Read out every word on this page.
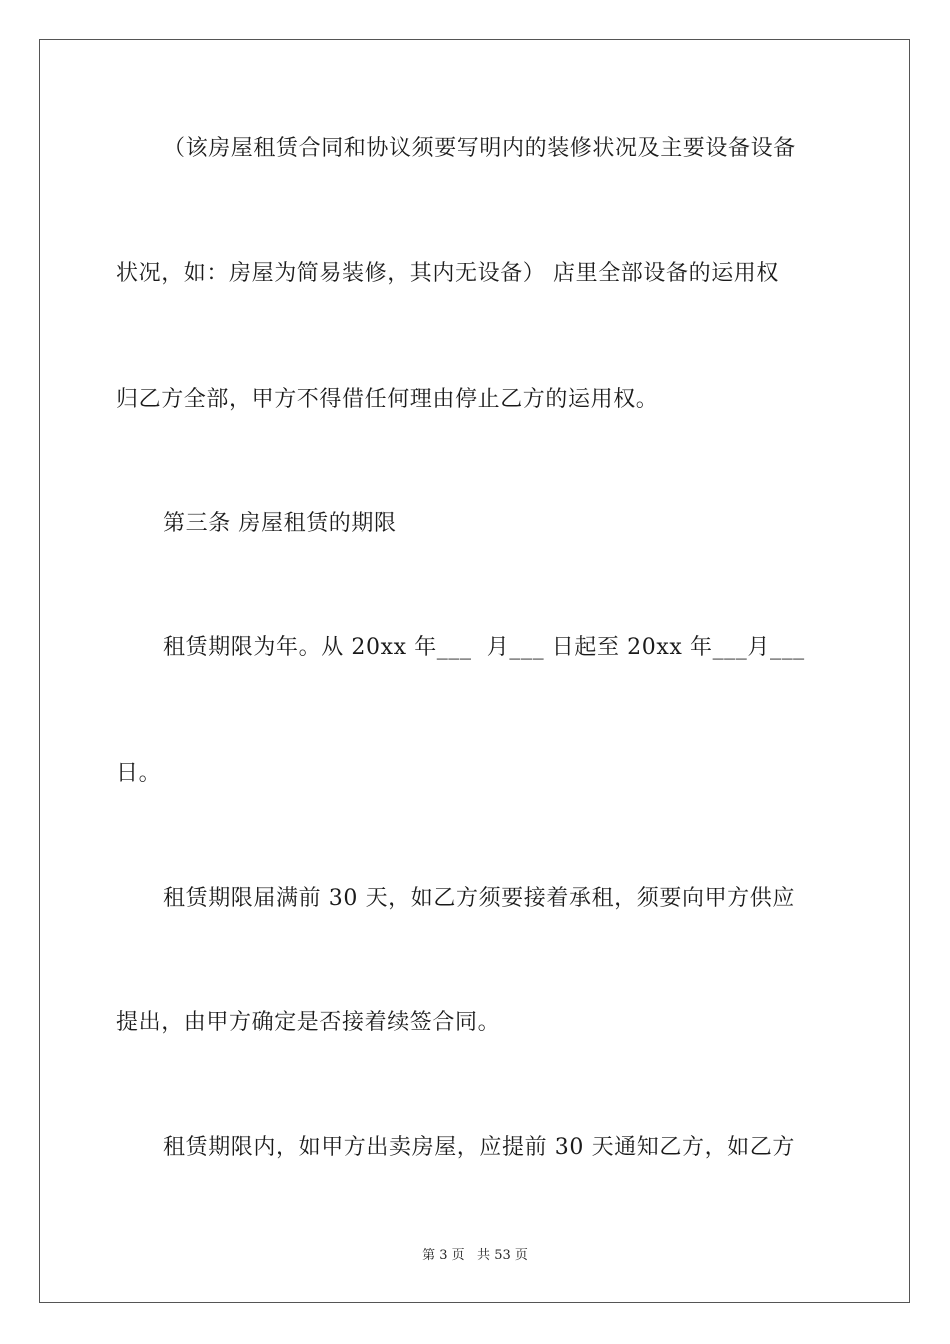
（该房屋租赁合同和协议须要写明内的装修状况及主要设备设备
状况，如：房屋为简易装修，其内无设备） 店里全部设备的运用权
归乙方全部，甲方不得借任何理由停止乙方的运用权。
第三条 房屋租赁的期限
租赁期限为年。从 20xx 年___  月___ 日起至 20xx 年___月___
日。
租赁期限届满前 30 天，如乙方须要接着承租，须要向甲方供应
提出，由甲方确定是否接着续签合同。
租赁期限内，如甲方出卖房屋，应提前 30 天通知乙方，如乙方
第 3 页   共 53 页
